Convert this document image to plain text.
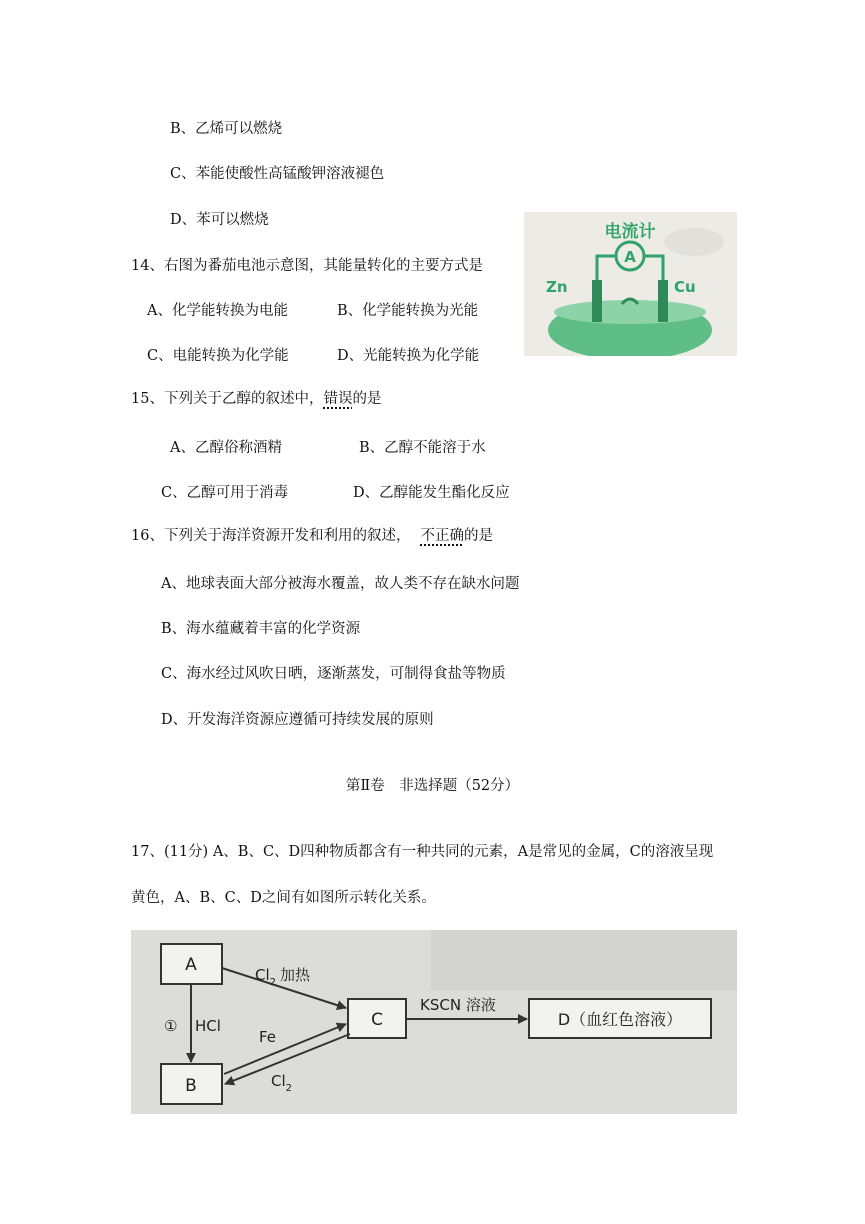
B、乙烯可以燃烧
C、苯能使酸性高锰酸钾溶液褪色
D、苯可以燃烧
14、右图为番茄电池示意图，其能量转化的主要方式是
A、化学能转换为电能	B、化学能转换为光能
C、电能转换为化学能	D、光能转换为化学能
电流计
A
Zn	Cu
15、下列关于乙醇的叙述中，错误的是
A、乙醇俗称酒精	B、乙醇不能溶于水
C、乙醇可用于消毒	D、乙醇能发生酯化反应
16、下列关于海洋资源开发和利用的叙述， 不正确的是
A、地球表面大部分被海水覆盖，故人类不存在缺水问题
B、海水蕴藏着丰富的化学资源
C、海水经过风吹日晒，逐渐蒸发，可制得食盐等物质
D、开发海洋资源应遵循可持续发展的原则
第Ⅱ卷　非选择题（52分）
17、(11分) A、B、C、D四种物质都含有一种共同的元素，A是常见的金属，C的溶液呈现
黄色，A、B、C、D之间有如图所示转化关系。
A
B
C	D（血红色溶液）
$Cl_2$ 加热
① HCl
Fe
$Cl_2$
KSCN 溶液
